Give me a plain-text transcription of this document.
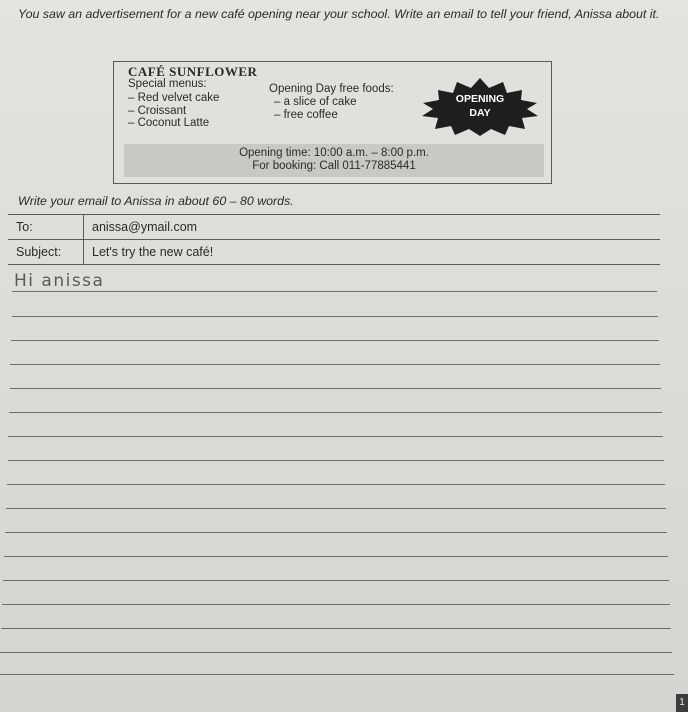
You saw an advertisement for a new café opening near your school. Write an email to tell your friend, Anissa about it.
CAFÉ SUNFLOWER
Special menus:
– Red velvet cake
– Croissant
– Coconut Latte
Opening Day free foods:
– a slice of cake
– free coffee
OPENING
DAY
Opening time: 10:00 a.m. – 8:00 p.m.
For booking: Call 011-77885441
Write your email to Anissa in about 60 – 80 words.
To:	anissa@ymail.com
Subject: Let's try the new café!
Hi anissa
1
